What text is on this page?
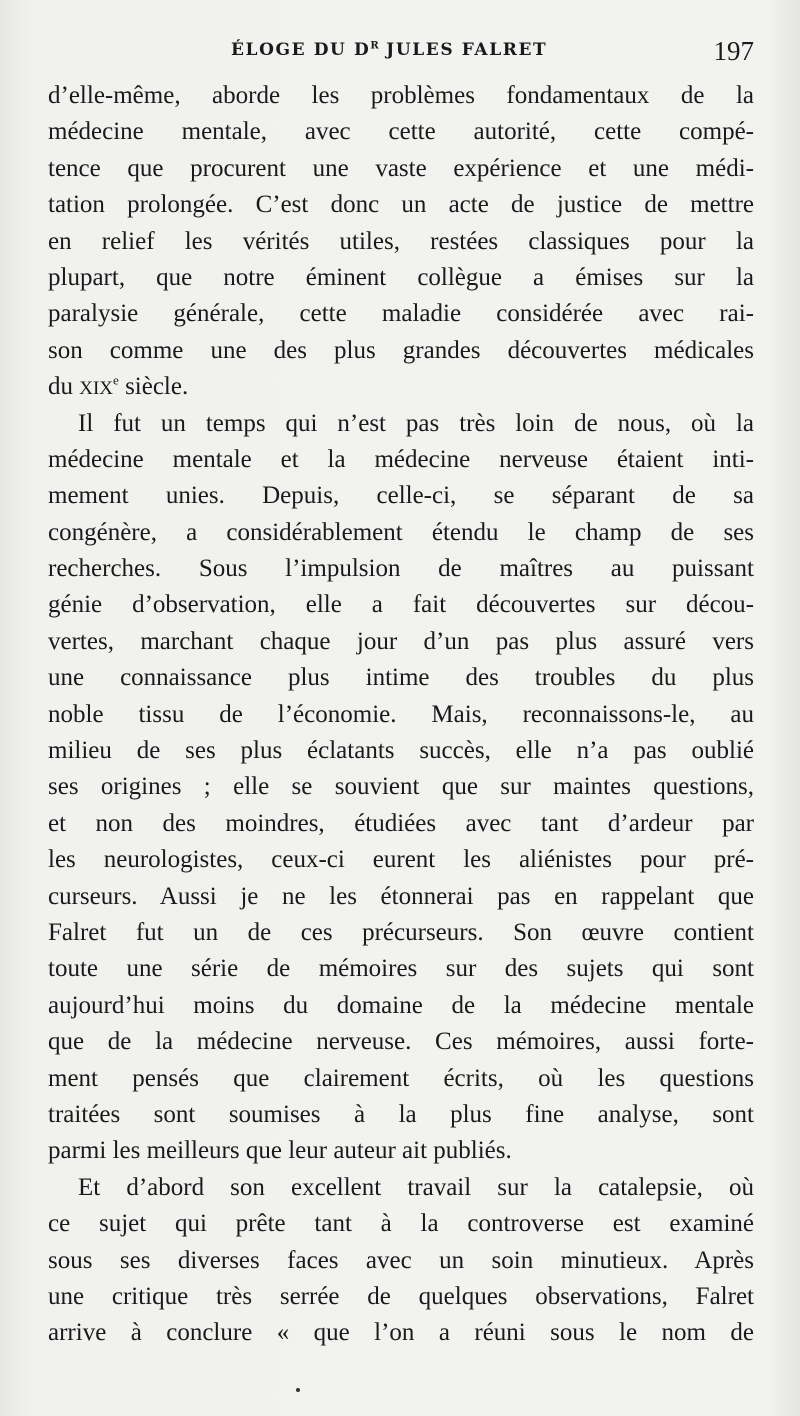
ÉLOGE DU $D^R$ JULES FALRET	197
d’elle-même, aborde les problèmes fondamentaux de la
médecine mentale, avec cette autorité, cette compé-
tence que procurent une vaste expérience et une médi-
tation prolongée. C’est donc un acte de justice de mettre
en relief les vérités utiles, restées classiques pour la
plupart, que notre éminent collègue a émises sur la
paralysie générale, cette maladie considérée avec rai-
son comme une des plus grandes découvertes médicales
du XIXe siècle.
Il fut un temps qui n’est pas très loin de nous, où la
médecine mentale et la médecine nerveuse étaient inti-
mement unies. Depuis, celle-ci, se séparant de sa
congénère, a considérablement étendu le champ de ses
recherches. Sous l’impulsion de maîtres au puissant
génie d’observation, elle a fait découvertes sur décou-
vertes, marchant chaque jour d’un pas plus assuré vers
une connaissance plus intime des troubles du plus
noble tissu de l’économie. Mais, reconnaissons-le, au
milieu de ses plus éclatants succès, elle n’a pas oublié
ses origines ; elle se souvient que sur maintes questions,
et non des moindres, étudiées avec tant d’ardeur par
les neurologistes, ceux-ci eurent les aliénistes pour pré-
curseurs. Aussi je ne les étonnerai pas en rappelant que
Falret fut un de ces précurseurs. Son œuvre contient
toute une série de mémoires sur des sujets qui sont
aujourd’hui moins du domaine de la médecine mentale
que de la médecine nerveuse. Ces mémoires, aussi forte-
ment pensés que clairement écrits, où les questions
traitées sont soumises à la plus fine analyse, sont
parmi les meilleurs que leur auteur ait publiés.
Et d’abord son excellent travail sur la catalepsie, où
ce sujet qui prête tant à la controverse est examiné
sous ses diverses faces avec un soin minutieux. Après
une critique très serrée de quelques observations, Falret
arrive à conclure « que l’on a réuni sous le nom de
